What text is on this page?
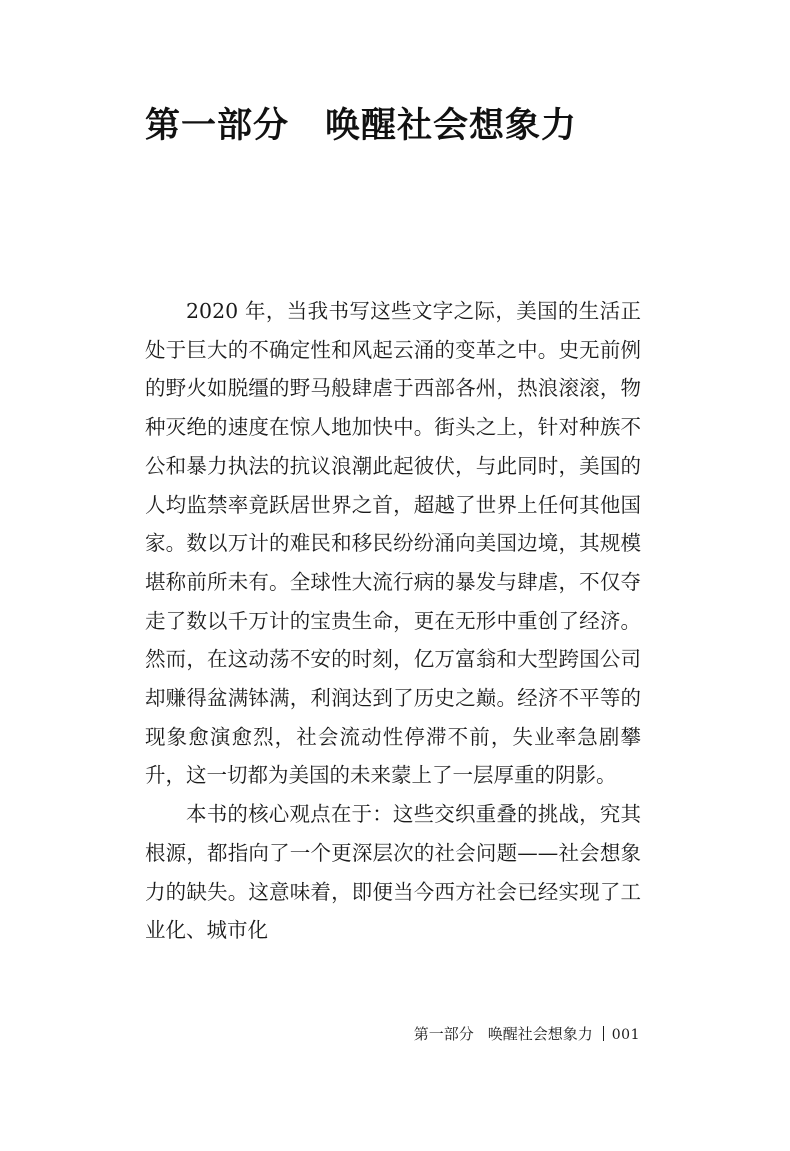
第一部分 唤醒社会想象力

2020 年，当我书写这些文字之际，美国的生活正处于巨大的不确定性和风起云涌的变革之中。史无前例的野火如脱缰的野马般肆虐于西部各州，热浪滚滚，物种灭绝的速度在惊人地加快中。街头之上，针对种族不公和暴力执法的抗议浪潮此起彼伏，与此同时，美国的人均监禁率竟跃居世界之首，超越了世界上任何其他国家。数以万计的难民和移民纷纷涌向美国边境，其规模堪称前所未有。全球性大流行病的暴发与肆虐，不仅夺走了数以千万计的宝贵生命，更在无形中重创了经济。然而，在这动荡不安的时刻，亿万富翁和大型跨国公司却赚得盆满钵满，利润达到了历史之巅。经济不平等的现象愈演愈烈，社会流动性停滞不前，失业率急剧攀升，这一切都为美国的未来蒙上了一层厚重的阴影。

本书的核心观点在于：这些交织重叠的挑战，究其根源，都指向了一个更深层次的社会问题——社会想象力的缺失。这意味着，即便当今西方社会已经实现了工业化、城市化

第一部分 唤醒社会想象力 001
